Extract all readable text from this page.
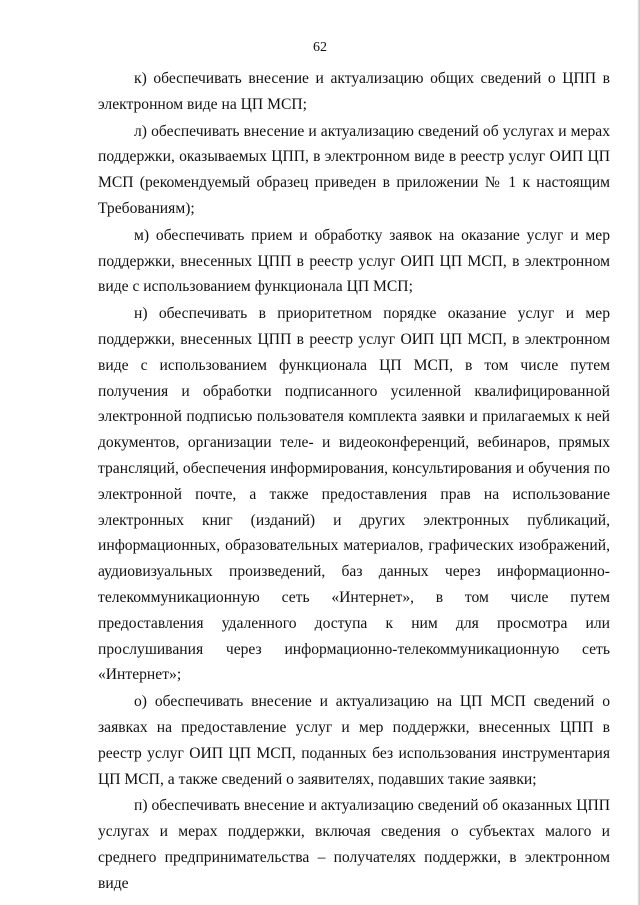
62

к) обеспечивать внесение и актуализацию общих сведений о ЦПП в электронном виде на ЦП МСП;

л) обеспечивать внесение и актуализацию сведений об услугах и мерах поддержки, оказываемых ЦПП, в электронном виде в реестр услуг ОИП ЦП МСП (рекомендуемый образец приведен в приложении № 1 к настоящим Требованиям);

м) обеспечивать прием и обработку заявок на оказание услуг и мер поддержки, внесенных ЦПП в реестр услуг ОИП ЦП МСП, в электронном виде с использованием функционала ЦП МСП;

н) обеспечивать в приоритетном порядке оказание услуг и мер поддержки, внесенных ЦПП в реестр услуг ОИП ЦП МСП, в электронном виде с использованием функционала ЦП МСП, в том числе путем получения и обработки подписанного усиленной квалифицированной электронной подписью пользователя комплекта заявки и прилагаемых к ней документов, организации теле- и видеоконференций, вебинаров, прямых трансляций, обеспечения информирования, консультирования и обучения по электронной почте, а также предоставления прав на использование электронных книг (изданий) и других электронных публикаций, информационных, образовательных материалов, графических изображений, аудиовизуальных произведений, баз данных через информационно-телекоммуникационную сеть «Интернет», в том числе путем предоставления удаленного доступа к ним для просмотра или прослушивания через информационно-телекоммуникационную сеть «Интернет»;

о) обеспечивать внесение и актуализацию на ЦП МСП сведений о заявках на предоставление услуг и мер поддержки, внесенных ЦПП в реестр услуг ОИП ЦП МСП, поданных без использования инструментария ЦП МСП, а также сведений о заявителях, подавших такие заявки;

п) обеспечивать внесение и актуализацию сведений об оказанных ЦПП услугах и мерах поддержки, включая сведения о субъектах малого и среднего предпринимательства – получателях поддержки, в электронном виде
